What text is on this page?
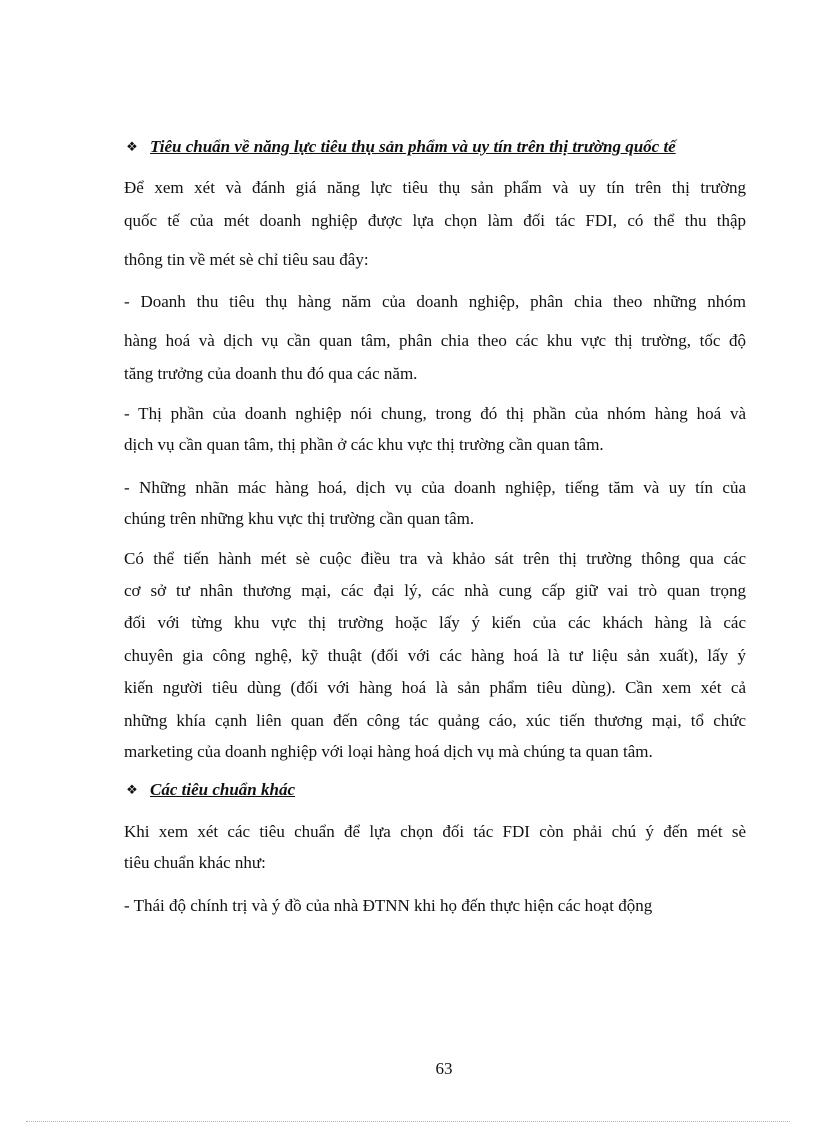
❖ Tiêu chuẩn về năng lực tiêu thụ sản phẩm và uy tín trên thị trường quốc tế
Để xem xét và đánh giá năng lực tiêu thụ sản phẩm và uy tín trên thị trường
quốc tế của mét doanh nghiệp được lựa chọn làm đối tác FDI, có thể thu thập
thông tin về mét sè chỉ tiêu sau đây:
- Doanh thu tiêu thụ hàng năm của doanh nghiệp, phân chia theo những nhóm
hàng hoá và dịch vụ cần quan tâm, phân chia theo các khu vực thị trường, tốc độ
tăng trưởng của doanh thu đó qua các năm.
- Thị phần của doanh nghiệp nói chung, trong đó thị phần của nhóm hàng hoá và
dịch vụ cần quan tâm, thị phần ở các khu vực thị trường cần quan tâm.
- Những nhãn mác hàng hoá, dịch vụ của doanh nghiệp, tiếng tăm và uy tín của
chúng trên những khu vực thị trường cần quan tâm.
Có thể tiến hành mét sè cuộc điều tra và khảo sát trên thị trường thông qua các
cơ sở tư nhân thương mại, các đại lý, các nhà cung cấp giữ vai trò quan trọng
đối với từng khu vực thị trường hoặc lấy ý kiến của các khách hàng là các
chuyên gia công nghệ, kỹ thuật (đối với các hàng hoá là tư liệu sản xuất), lấy ý
kiến người tiêu dùng (đối với hàng hoá là sản phẩm tiêu dùng). Cần xem xét cả
những khía cạnh liên quan đến công tác quảng cáo, xúc tiến thương mại, tổ chức
marketing của doanh nghiệp với loại hàng hoá dịch vụ mà chúng ta quan tâm.
❖ Các tiêu chuẩn khác
Khi xem xét các tiêu chuẩn để lựa chọn đối tác FDI còn phải chú ý đến mét sè
tiêu chuẩn khác như:
- Thái độ chính trị và ý đồ của nhà ĐTNN khi họ đến thực hiện các hoạt động
63
